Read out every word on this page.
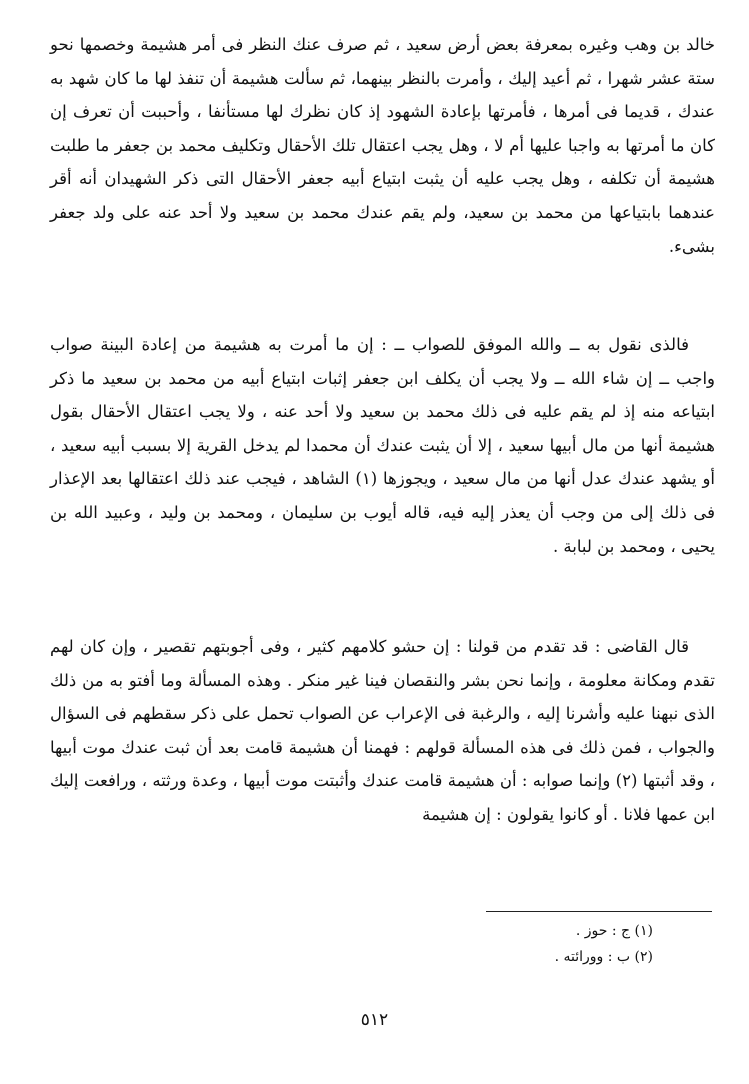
خالد بن وهب وغيره بمعرفة بعض أرض سعيد ، ثم صرف عنك النظر فى أمر هشيمة وخصمها نحو ستة عشر شهرا ، ثم أعيد إليك ، وأمرت بالنظر بينهما، ثم سألت هشيمة أن تنفذ لها ما كان شهد به عندك ، قديما فى أمرها ، فأمرتها بإعادة الشهود إذ كان نظرك لها مستأنفا ، وأحببت أن تعرف إن كان ما أمرتها به واجبا عليها أم لا ، وهل يجب اعتقال تلك الأحقال وتكليف محمد بن جعفر ما طلبت هشيمة أن تكلفه ، وهل يجب عليه أن يثبت ابتياع أبيه جعفر الأحقال التى ذكر الشهيدان أنه أقر عندهما بابتياعها من محمد بن سعيد، ولم يقم عندك محمد بن سعيد ولا أحد عنه على ولد جعفر بشىء.

فالذى نقول به ــ والله الموفق للصواب ــ : إن ما أمرت به هشيمة من إعادة البينة صواب واجب ــ إن شاء الله ــ ولا يجب أن يكلف ابن جعفر إثبات ابتياع أبيه من محمد بن سعيد ما ذكر ابتياعه منه إذ لم يقم عليه فى ذلك محمد بن سعيد ولا أحد عنه ، ولا يجب اعتقال الأحقال بقول هشيمة أنها من مال أبيها سعيد ، إلا أن يثبت عندك أن محمدا لم يدخل القرية إلا بسبب أبيه سعيد ، أو يشهد عندك عدل أنها من مال سعيد ، ويجوزها (١) الشاهد ، فيجب عند ذلك اعتقالها بعد الإعذار فى ذلك إلى من وجب أن يعذر إليه فيه، قاله أيوب بن سليمان ، ومحمد بن وليد ، وعبيد الله بن يحيى ، ومحمد بن لبابة .

قال القاضى : قد تقدم من قولنا : إن حشو كلامهم كثير ، وفى أجوبتهم تقصير ، وإن كان لهم تقدم ومكانة معلومة ، وإنما نحن بشر والنقصان فينا غير منكر . وهذه المسألة وما أفتو به من ذلك الذى نبهنا عليه وأشرنا إليه ، والرغبة فى الإعراب عن الصواب تحمل على ذكر سقطهم فى السؤال والجواب ، فمن ذلك فى هذه المسألة قولهم : فهمنا أن هشيمة قامت بعد أن ثبت عندك موت أبيها ، وقد أثبتها (٢) وإنما صوابه : أن هشيمة قامت عندك وأثبتت موت أبيها ، وعدة ورثته ، ورافعت إليك ابن عمها فلانا . أو كانوا يقولون : إن هشيمة

(١) ج : حوز .
(٢) ب : وورائته .
٥١٢
